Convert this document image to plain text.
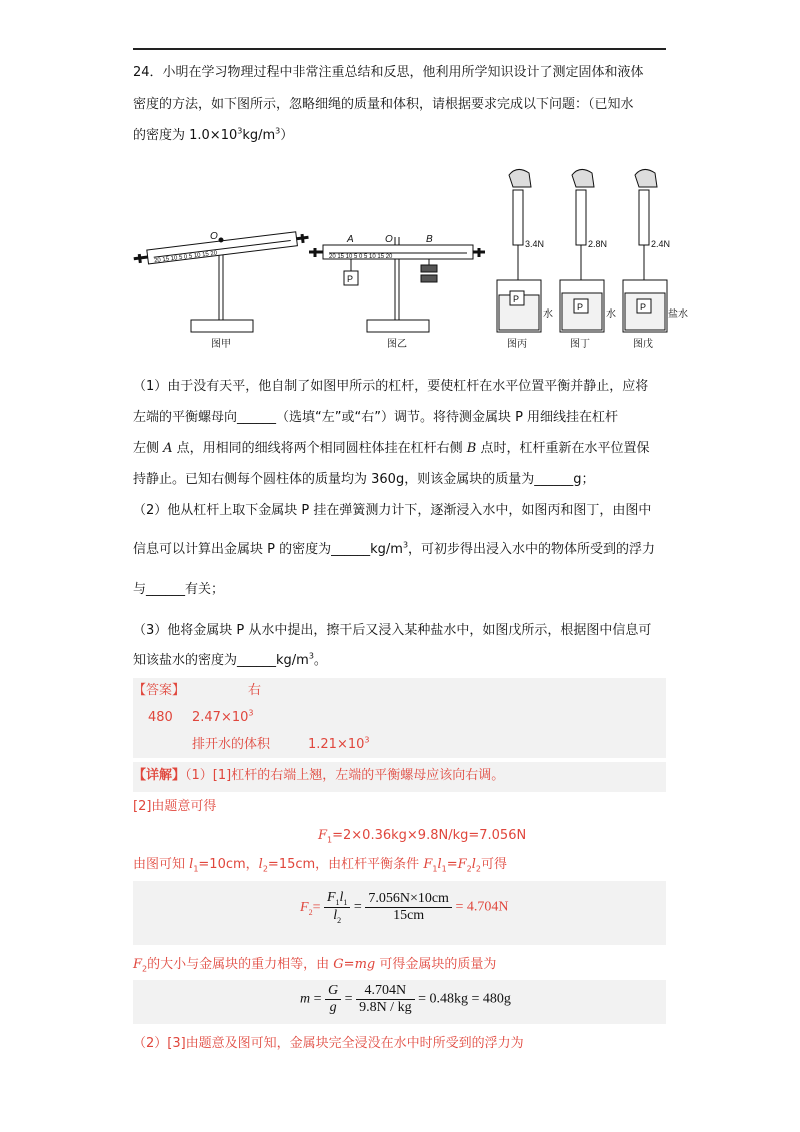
24．小明在学习物理过程中非常注重总结和反思，他利用所学知识设计了测定固体和液体
密度的方法，如下图所示，忽略细绳的质量和体积，请根据要求完成以下问题：（已知水
的密度为 $1.0\times 10^3kg/m^3$）
20 15 10 5 0 5 10 15 20
O
20 15 10 5 0 5 10 15 20
A	O	B
P
3.4N
P
水
2.8N
P
水
2.4N
P
盐水
图甲	图乙	图丙	图丁	图戊
（1）由于没有天平，他自制了如图甲所示的杠杆，要使杠杆在水平位置平衡并静止，应将
左端的平衡螺母向______（选填“左”或“右”）调节。将待测金属块 P 用细线挂在杠杆
左侧 A 点，用相同的细线将两个相同圆柱体挂在杠杆右侧 B 点时，杠杆重新在水平位置保
持静止。已知右侧每个圆柱体的质量均为 360g，则该金属块的质量为______g；
（2）他从杠杆上取下金属块 P 挂在弹簧测力计下，逐渐浸入水中，如图丙和图丁，由图中
信息可以计算出金属块 P 的密度为$\_\_\_\_\_\_kg/m^3$，可初步得出浸入水中的物体所受到的浮力
与______有关；
（3）他将金属块 P 从水中提出，擦干后又浸入某种盐水中，如图戊所示，根据图中信息可
知该盐水的密度为$\_\_\_\_\_\_kg/m^3$。
【答案】	右
480 $2.47\times 10^3$
排开水的体积	$1.21\times 10^3$
【详解】（1）[1]杠杆的右端上翘，左端的平衡螺母应该向右调。
[2]由题意可得
$F_1=2\times 0.36kg\times 9.8N/kg=7.056N$
由图可知 $l_1=10cm$，$l_2=15cm$，由杠杆平衡条件 $F_1l_1=F_2l_2$可得
$F_2= \frac{F_1l_1}{l_2} = \frac{7.056N\times 10cm}{15cm} = 4.704N$
$F_2$的大小与金属块的重力相等，由 G=mg 可得金属块的质量为
$m = \frac{G}{g} = \frac{4.704N}{9.8N / kg} = 0.48kg = 480g$
（2）[3]由题意及图可知，金属块完全浸没在水中时所受到的浮力为
